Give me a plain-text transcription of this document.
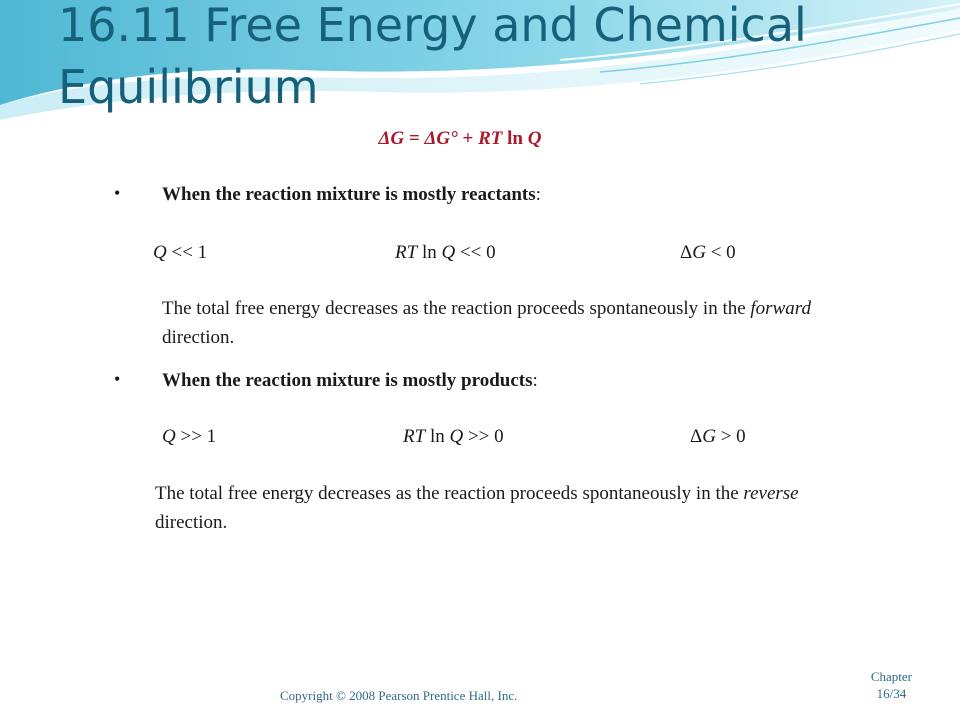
16.11 Free Energy and Chemical Equilibrium
ΔG = ΔG° + RT ln Q
• When the reaction mixture is mostly reactants:
Q << 1	RT ln Q << 0	ΔG < 0
The total free energy decreases as the reaction proceeds spontaneously in the forward direction.
• When the reaction mixture is mostly products:
Q >> 1	RT ln Q >> 0	ΔG > 0
The total free energy decreases as the reaction proceeds spontaneously in the reverse direction.
Copyright © 2008 Pearson Prentice Hall, Inc.
Chapter
16/34
